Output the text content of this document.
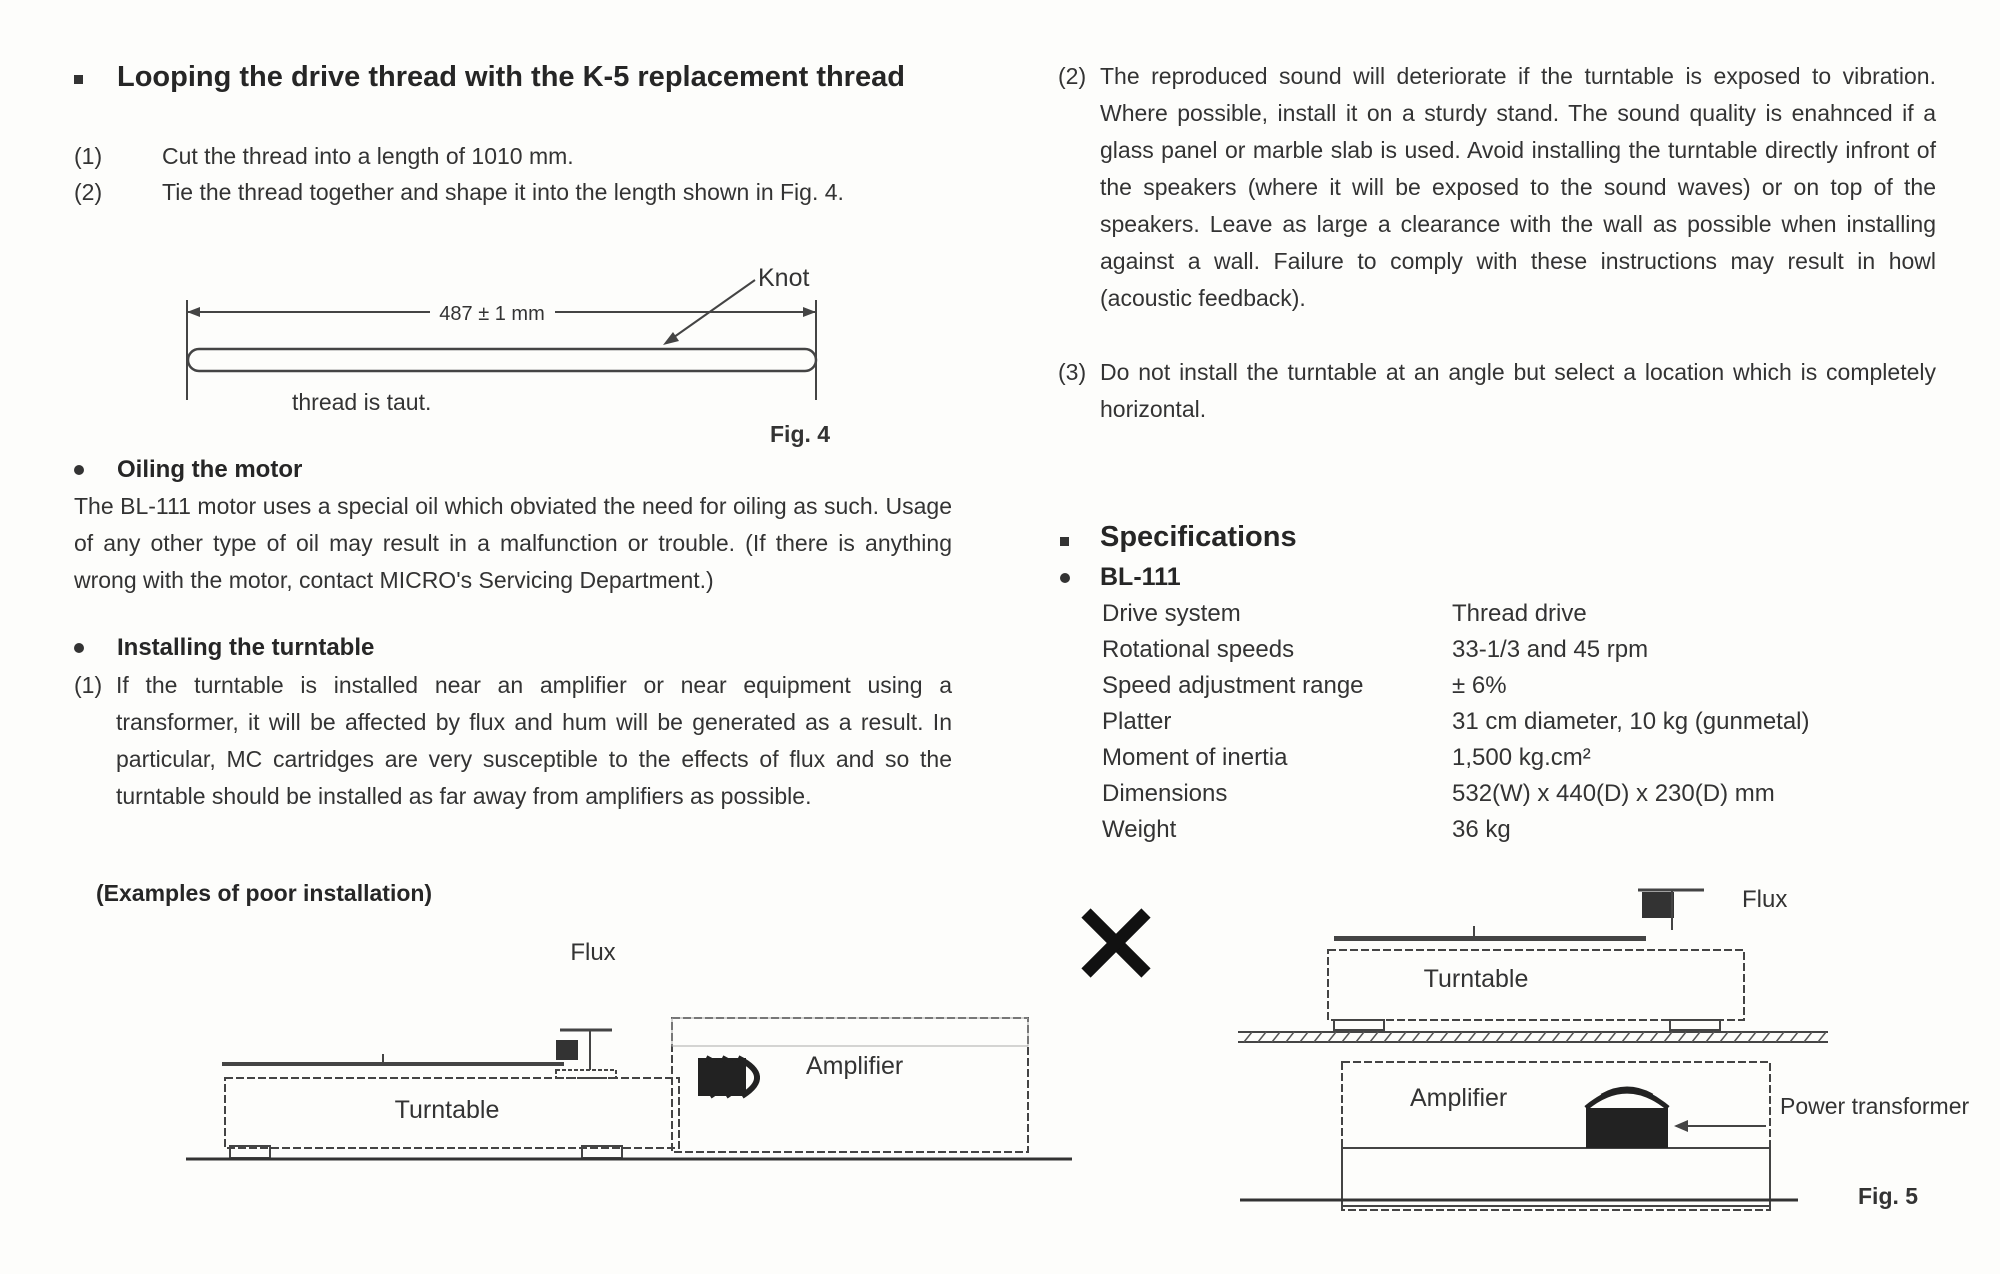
Looping the drive thread with the K-5 replacement thread
(1)	Cut the thread into a length of 1010 mm.
(2)	Tie the thread together and shape it into the length shown in Fig. 4.
487 ± 1 mm
Knot
thread is taut.
Fig. 4
Oiling the motor
The BL-111 motor uses a special oil which obviated the need for oiling as such. Usage of any other type of oil may result in a malfunction or trouble. (If there is anything wrong with the motor, contact MICRO's Servicing Department.)
Installing the turntable
(1) If the turntable is installed near an amplifier or near equipment using a transformer, it will be affected by flux and hum will be generated as a result. In particular, MC cartridges are very susceptible to the effects of flux and so the turntable should be installed as far away from amplifiers as possible.
(Examples of poor installation)
Flux
Turntable
Amplifier
(2) The reproduced sound will deteriorate if the turntable is exposed to vibration. Where possible, install it on a sturdy stand. The sound quality is enahnced if a glass panel or marble slab is used. Avoid installing the turntable directly infront of the speakers (where it will be exposed to the sound waves) or on top of the speakers. Leave as large a clearance with the wall as possible when installing against a wall. Failure to comply with these instructions may result in howl (acoustic feedback).
(3) Do not install the turntable at an angle but select a location which is completely horizontal.
Specifications
BL-111
Drive system	Thread drive
Rotational speeds	33-1/3 and 45 rpm
Speed adjustment range	± 6%
Platter	31 cm diameter, 10 kg (gunmetal)
Moment of inertia	1,500 kg.cm²
Dimensions	532(W) x 440(D) x 230(D) mm
Weight	36 kg
Flux
Turntable
Amplifier	Power transformer
Fig. 5
